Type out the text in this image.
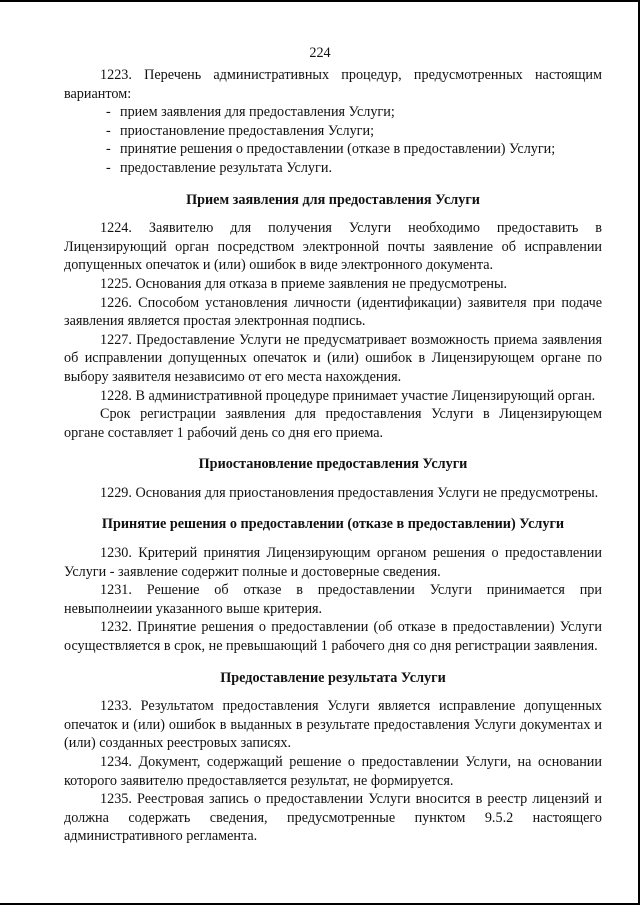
224

1223. Перечень административных процедур, предусмотренных настоящим вариантом:

- прием заявления для предоставления Услуги;
- приостановление предоставления Услуги;
- принятие решения о предоставлении (отказе в предоставлении) Услуги;
- предоставление результата Услуги.
Прием заявления для предоставления Услуги

1224. Заявителю для получения Услуги необходимо предоставить в Лицензирующий орган посредством электронной почты заявление об исправлении допущенных опечаток и (или) ошибок в виде электронного документа.

1225. Основания для отказа в приеме заявления не предусмотрены.

1226. Способом установления личности (идентификации) заявителя при подаче заявления является простая электронная подпись.

1227. Предоставление Услуги не предусматривает возможность приема заявления об исправлении допущенных опечаток и (или) ошибок в Лицензирующем органе по выбору заявителя независимо от его места нахождения.

1228. В административной процедуре принимает участие Лицензирующий орган.

Срок регистрации заявления для предоставления Услуги в Лицензирующем органе составляет 1 рабочий день со дня его приема.

Приостановление предоставления Услуги

1229. Основания для приостановления предоставления Услуги не предусмотрены.

Принятие решения о предоставлении (отказе в предоставлении) Услуги

1230. Критерий принятия Лицензирующим органом решения о предоставлении Услуги - заявление содержит полные и достоверные сведения.

1231. Решение об отказе в предоставлении Услуги принимается при невыполнеиии указанного выше критерия.

1232. Принятие решения о предоставлении (об отказе в предоставлении) Услуги осуществляется в срок, не превышающий 1 рабочего дня со дня регистрации заявления.

Предоставление результата Услуги

1233. Результатом предоставления Услуги является исправление допущенных опечаток и (или) ошибок в выданных в результате предоставления Услуги документах и (или) созданных реестровых записях.

1234. Документ, содержащий решение о предоставлении Услуги, на основании которого заявителю предоставляется результат, не формируется.

1235. Реестровая запись о предоставлении Услуги вносится в реестр лицензий и должна содержать сведения, предусмотренные пунктом 9.5.2 настоящего административного регламента.
